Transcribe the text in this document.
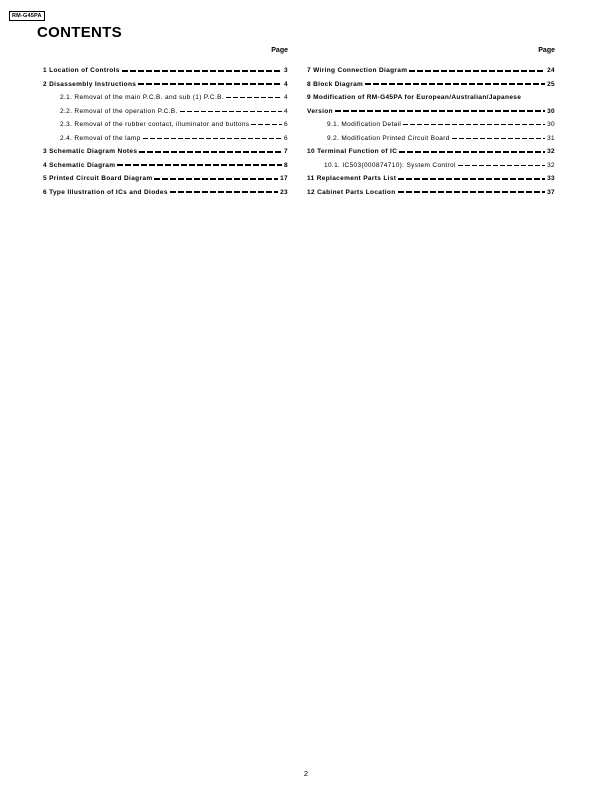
RM-G45PA
CONTENTS
Page
1 Location of Controls	3
2 Disassembly Instructions	4
2.1. Removal of the main P.C.B. and sub (1) P.C.B.	4
2.2. Removal of the operation P.C.B.	4
2.3. Removal of the rubber contact, illuminator and buttons	6
2.4. Removal of the lamp	6
3 Schematic Diagram Notes	7
4 Schematic Diagram	8
5 Printed Circuit Board Diagram	17
6 Type Illustration of ICs and Diodes	23
Page
7 Wiring Connection Diagram	24
8 Block Diagram	25
9 Modification of RM-G45PA for European/Australian/Japanese
Version	30
9.1. Modification Detail	30
9.2. Modification Printed Circuit Board	31
10 Terminal Function of IC	32
10.1. IC503(000874710): System Control	32
11 Replacement Parts List	33
12 Cabinet Parts Location	37
2
